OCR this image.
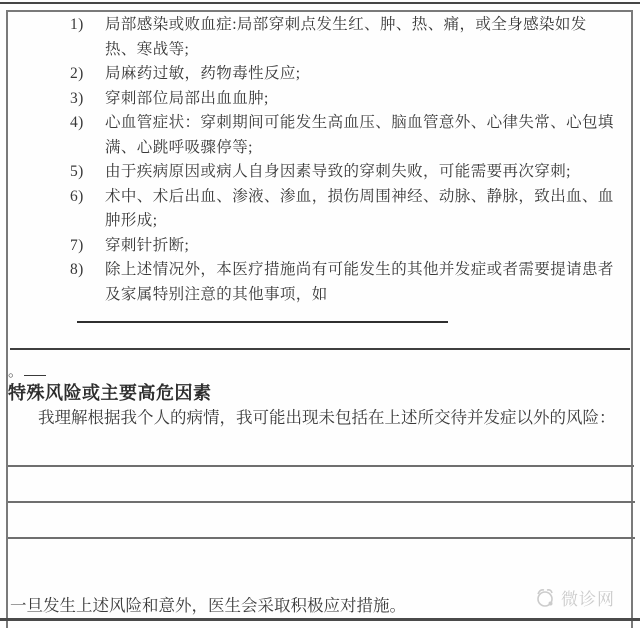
1)	局部感染或败血症:局部穿刺点发生红、肿、热、痛，或全身感染如发热、寒战等;
2)	局麻药过敏，药物毒性反应;
3)	穿刺部位局部出血血肿;
4)	心血管症状：穿刺期间可能发生高血压、脑血管意外、心律失常、心包填满、心跳呼吸骤停等;
5)	由于疾病原因或病人自身因素导致的穿刺失败，可能需要再次穿刺;
6)	术中、术后出血、渗液、渗血，损伤周围神经、动脉、静脉，致出血、血肿形成;
7)	穿刺针折断;
8)	除上述情况外，本医疗措施尚有可能发生的其他并发症或者需要提请患者及家属特别注意的其他事项，如
。
特殊风险或主要高危因素

我理解根据我个人的病情，我可能出现未包括在上述所交待并发症以外的风险：

一旦发生上述风险和意外，医生会采取积极应对措施。	微诊网
